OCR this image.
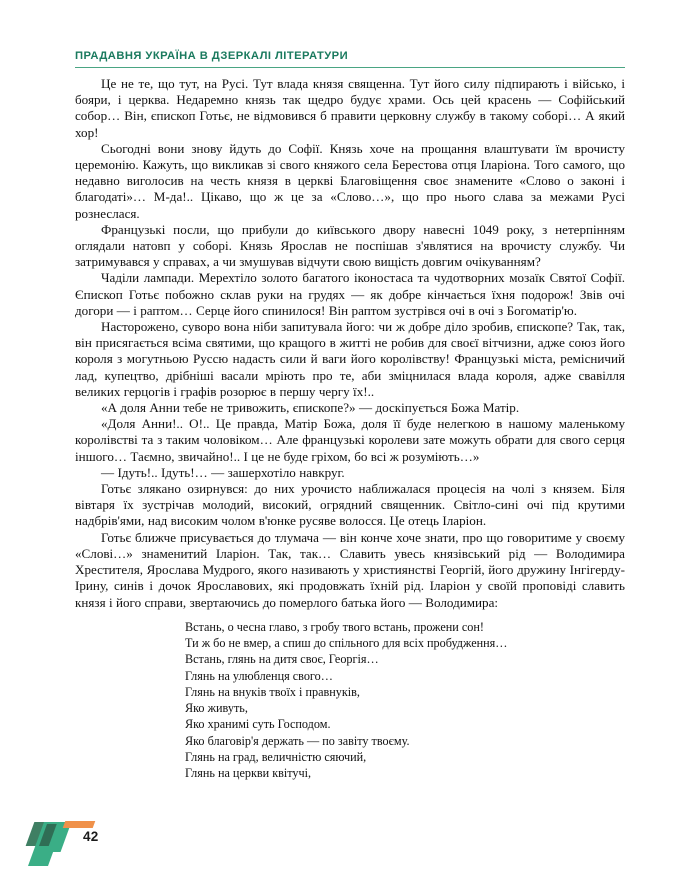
ПРАДАВНЯ УКРАЇНА В ДЗЕРКАЛІ ЛІТЕРАТУРИ

Це не те, що тут, на Русі. Тут влада князя священна. Тут його силу підпирають і військо, і бояри, і церква. Недаремно князь так щедро будує храми. Ось цей красень — Софійський собор… Він, єпископ Готьє, не відмовився б правити церковну службу в такому соборі… А який хор!

Сьогодні вони знову йдуть до Софії. Князь хоче на прощання влаштувати їм врочисту церемонію. Кажуть, що викликав зі свого княжого села Берестова отця Іларіона. Того самого, що недавно виголосив на честь князя в церкві Благовіщення своє знамените «Слово о законі і благодаті»… М-да!.. Цікаво, що ж це за «Слово…», що про нього слава за межами Русі рознеслася.

Французькі посли, що прибули до київського двору навесні 1049 року, з нетерпінням оглядали натовп у соборі. Князь Ярослав не поспішав з'являтися на врочисту службу. Чи затримувався у справах, а чи змушував відчути свою вищість довгим очікуванням?

Чаділи лампади. Мерехтіло золото багатого іконостаса та чудотворних мозаїк Святої Софії. Єпископ Готьє побожно склав руки на грудях — як добре кінчається їхня подорож! Звів очі догори — і раптом… Серце його спинилося! Він раптом зустрівся очі в очі з Богоматір'ю.

Насторожено, суворо вона ніби запитувала його: чи ж добре діло зробив, єпископе? Так, так, він присягається всіма святими, що кращого в житті не робив для своєї вітчизни, адже союз його короля з могутньою Руссю надасть сили й ваги його королівству! Французькі міста, ремісничий лад, купецтво, дрібніші васали мріють про те, аби зміцнилася влада короля, адже свавілля великих герцогів і графів розорює в першу чергу їх!..

«А доля Анни тебе не тривожить, єпископе?» — доскіпується Божа Матір.

«Доля Анни!.. О!.. Це правда, Матір Божа, доля її буде нелегкою в нашому маленькому королівстві та з таким чоловіком… Але французькі королеви зате можуть обрати для свого серця іншого… Таємно, звичайно!.. І це не буде гріхом, бо всі ж розуміють…»

— Ідуть!.. Ідуть!… — зашерхотіло навкруг.

Готьє злякано озирнувся: до них урочисто наближалася процесія на чолі з князем. Біля вівтаря їх зустрічав молодий, високий, огрядний священник. Світло-сині очі під крутими надбрів'ями, над високим чолом в'юнке русяве волосся. Це отець Іларіон.

Готьє ближче присувається до тлумача — він конче хоче знати, про що говоритиме у своєму «Слові…» знаменитий Іларіон. Так, так… Славить увесь князівський рід — Володимира Хрестителя, Ярослава Мудрого, якого називають у християнстві Георгій, його дружину Інгігерду-Ірину, синів і дочок Ярославових, які продовжать їхній рід. Іларіон у своїй проповіді славить князя і його справи, звертаючись до померлого батька його — Володимира:

Встань, о чесна главо, з гробу твого встань, прожени сон!
Ти ж бо не вмер, а спиш до спільного для всіх пробудження…
Встань, глянь на дитя своє, Георгія…
Глянь на улюбленця свого…
Глянь на внуків твоїх і правнуків,
Яко живуть,
Яко хранимі суть Господом.
Яко благовір'я держать — по завіту твоєму.
Глянь на град, величністю сяючий,
Глянь на церкви квітучі,
42
